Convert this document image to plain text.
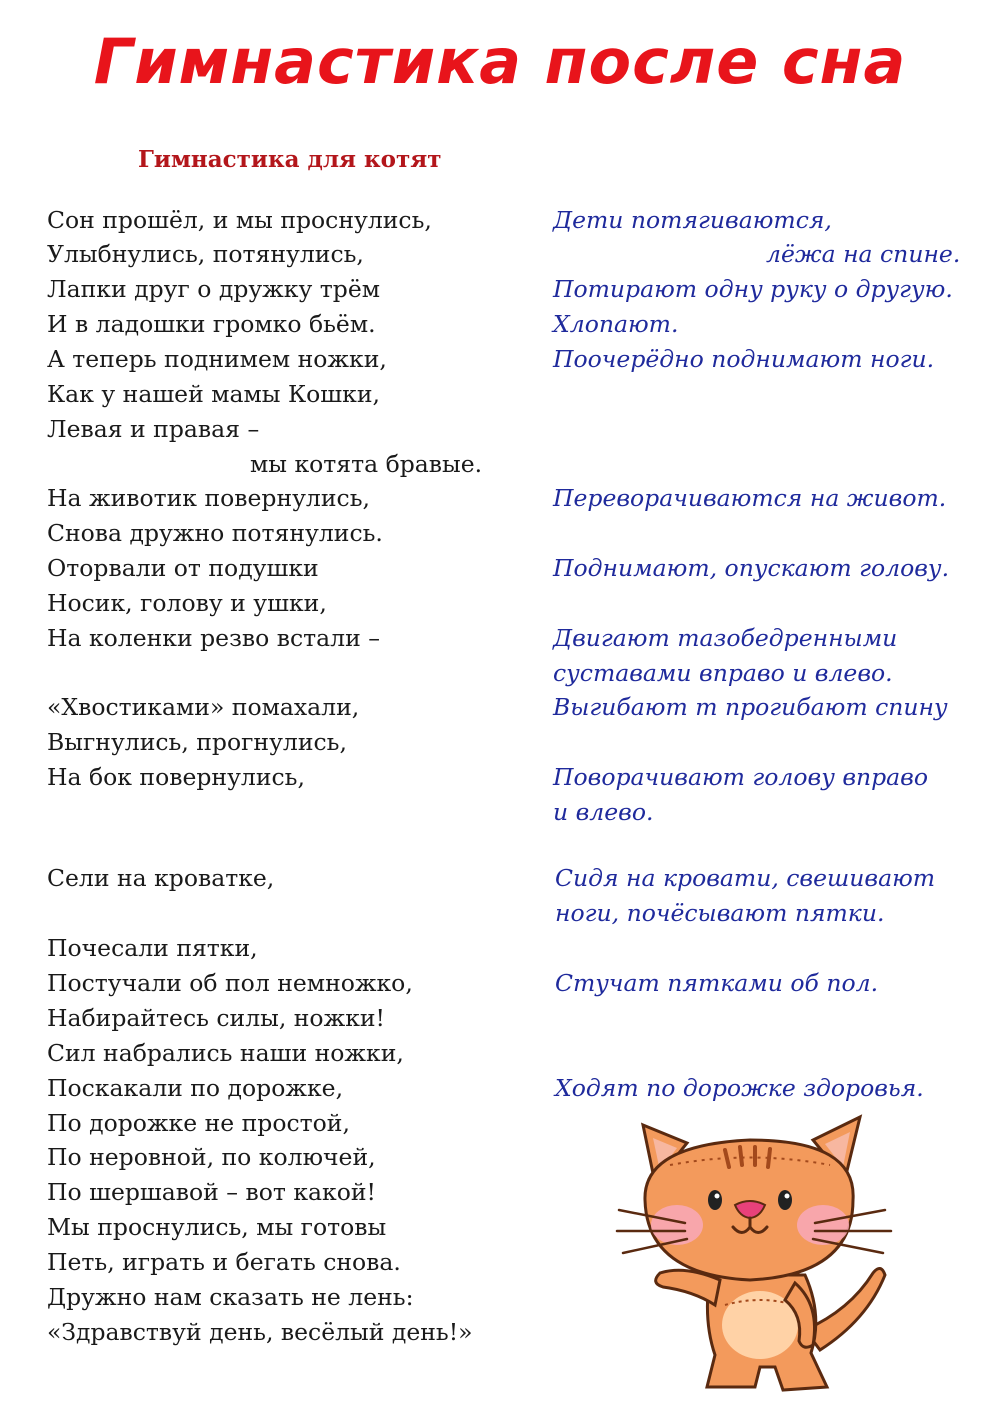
Гимнастика после сна
Гимнастика для котят
Сон прошёл, и мы проснулись,
Улыбнулись, потянулись,
Лапки друг о дружку трём
И в ладошки громко бьём.
А теперь поднимем ножки,
Как у нашей мамы Кошки,
Левая и правая –
мы котята бравые.
На животик повернулись,
Снова дружно потянулись.
Оторвали от подушки
Носик, голову и ушки,
На коленки резво встали –
«Хвостиками» помахали,
Выгнулись, прогнулись,
На бок повернулись,
Сели на кроватке,
Почесали пятки,
Постучали об пол немножко,
Набирайтесь силы, ножки!
Сил набрались наши ножки,
Поскакали по дорожке,
По дорожке не простой,
По неровной, по колючей,
По шершавой – вот какой!
Мы проснулись, мы готовы
Петь, играть и бегать снова.
Дружно нам сказать не лень:
«Здравствуй день, весёлый день!»
Дети потягиваются,
лёжа на спине.
Потирают одну руку о другую.
Хлопают.
Поочерёдно поднимают ноги.
Переворачиваются на живот.
Поднимают, опускают голову.
Двигают тазобедренными
суставами вправо и влево.
Выгибают т прогибают спину
Поворачивают голову вправо
и влево.
Сидя на кровати, свешивают
ноги, почёсывают пятки.
Стучат пятками об пол.
Ходят по дорожке здоровья.
